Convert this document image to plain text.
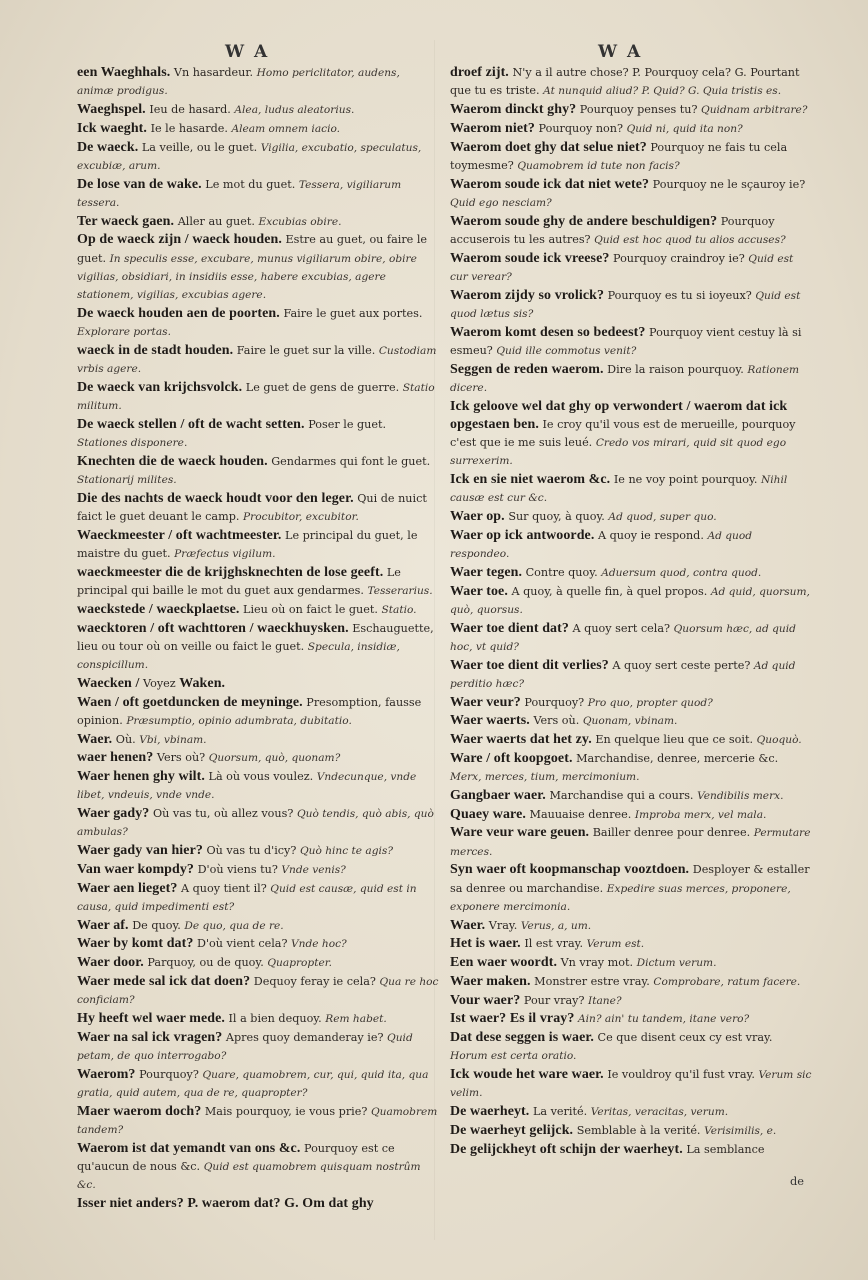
W A	W A

een Waeghhals. Vn hasardeur. Homo periclitator, audens, animæ prodigus.

Waeghspel. Ieu de hasard. Alea, ludus aleatorius.

Ick waeght. Ie le hasarde. Aleam omnem iacio.

De waeck. La veille, ou le guet. Vigilia, excubatio, speculatus, excubiæ, arum.

De lose van de wake. Le mot du guet. Tessera, vigiliarum tessera.

Ter waeck gaen. Aller au guet. Excubias obire.

Op de waeck zijn / waeck houden. Estre au guet, ou faire le guet. In speculis esse, excubare, munus vigiliarum obire, obire vigilias, obsidiari, in insidiis esse, habere excubias, agere stationem, vigilias, excubias agere.

De waeck houden aen de poorten. Faire le guet aux portes. Explorare portas.

waeck in de stadt houden. Faire le guet sur la ville. Custodiam vrbis agere.

De waeck van krijchsvolck. Le guet de gens de guerre. Statio militum.

De waeck stellen / oft de wacht setten. Poser le guet. Stationes disponere.

Knechten die de waeck houden. Gendarmes qui font le guet. Stationarij milites.

Die des nachts de waeck houdt voor den leger. Qui de nuict faict le guet deuant le camp. Procubitor, excubitor.

Waeckmeester / oft wachtmeester. Le principal du guet, le maistre du guet. Præfectus vigilum.

waeckmeester die de krijghsknechten de lose geeft. Le principal qui baille le mot du guet aux gendarmes. Tesserarius.

waeckstede / waeckplaetse. Lieu où on faict le guet. Statio.

waecktoren / oft wachttoren / waeckhuysken. Eschauguette, lieu ou tour où on veille ou faict le guet. Specula, insidiæ, conspicillum.

Waecken / Voyez Waken.

Waen / oft goetduncken de meyninge. Presomption, fausse opinion. Præsumptio, opinio adumbrata, dubitatio.

Waer. Où. Vbi, vbinam.

waer henen? Vers où? Quorsum, quò, quonam?

Waer henen ghy wilt. Là où vous voulez. Vndecunque, vnde libet, vndeuis, vnde vnde.

Waer gady? Où vas tu, où allez vous? Quò tendis, quò abis, quò ambulas?

Waer gady van hier? Où vas tu d'icy? Quò hinc te agis?

Van waer kompdy? D'où viens tu? Vnde venis?

Waer aen lieget? A quoy tient il? Quid est causæ, quid est in causa, quid impedimenti est?

Waer af. De quoy. De quo, qua de re.

Waer by komt dat? D'où vient cela? Vnde hoc?

Waer door. Parquoy, ou de quoy. Quapropter.

Waer mede sal ick dat doen? Dequoy feray ie cela? Qua re hoc conficiam?

Hy heeft wel waer mede. Il a bien dequoy. Rem habet.

Waer na sal ick vragen? Apres quoy demanderay ie? Quid petam, de quo interrogabo?

Waerom? Pourquoy? Quare, quamobrem, cur, qui, quid ita, qua gratia, quid autem, qua de re, quapropter?

Maer waerom doch? Mais pourquoy, ie vous prie? Quamobrem tandem?

Waerom ist dat yemandt van ons &c. Pourquoy est ce qu'aucun de nous &c. Quid est quamobrem quisquam nostrûm &c.

Isser niet anders? P. waerom dat? G. Om dat ghy

droef zijt. N'y a il autre chose? P. Pourquoy cela? G. Pourtant que tu es triste. At nunquid aliud? P. Quid? G. Quia tristis es.

Waerom dinckt ghy? Pourquoy penses tu? Quidnam arbitrare?

Waerom niet? Pourquoy non? Quid ni, quid ita non?

Waerom doet ghy dat selue niet? Pourquoy ne fais tu cela toymesme? Quamobrem id tute non facis?

Waerom soude ick dat niet wete? Pourquoy ne le sçauroy ie? Quid ego nesciam?

Waerom soude ghy de andere beschuldigen? Pourquoy accuserois tu les autres? Quid est hoc quod tu alios accuses?

Waerom soude ick vreese? Pourquoy craindroy ie? Quid est cur verear?

Waerom zijdy so vrolick? Pourquoy es tu si ioyeux? Quid est quod lætus sis?

Waerom komt desen so bedeest? Pourquoy vient cestuy là si esmeu? Quid ille commotus venit?

Seggen de reden waerom. Dire la raison pourquoy. Rationem dicere.

Ick geloove wel dat ghy op verwondert / waerom dat ick opgestaen ben. Ie croy qu'il vous est de merueille, pourquoy c'est que ie me suis leué. Credo vos mirari, quid sit quod ego surrexerim.

Ick en sie niet waerom &c. Ie ne voy point pourquoy. Nihil causæ est cur &c.

Waer op. Sur quoy, à quoy. Ad quod, super quo.

Waer op ick antwoorde. A quoy ie respond. Ad quod respondeo.

Waer tegen. Contre quoy. Aduersum quod, contra quod.

Waer toe. A quoy, à quelle fin, à quel propos. Ad quid, quorsum, quò, quorsus.

Waer toe dient dat? A quoy sert cela? Quorsum hæc, ad quid hoc, vt quid?

Waer toe dient dit verlies? A quoy sert ceste perte? Ad quid perditio hæc?

Waer veur? Pourquoy? Pro quo, propter quod?

Waer waerts. Vers où. Quonam, vbinam.

Waer waerts dat het zy. En quelque lieu que ce soit. Quoquò.

Ware / oft koopgoet. Marchandise, denree, mercerie &c. Merx, merces, tium, mercimonium.

Gangbaer waer. Marchandise qui a cours. Vendibilis merx.

Quaey ware. Mauuaise denree. Improba merx, vel mala.

Ware veur ware geuen. Bailler denree pour denree. Permutare merces.

Syn waer oft koopmanschap vooztdoen. Desployer & estaller sa denree ou marchandise. Expedire suas merces, proponere, exponere mercimonia.

Waer. Vray. Verus, a, um.

Het is waer. Il est vray. Verum est.

Een waer woordt. Vn vray mot. Dictum verum.

Waer maken. Monstrer estre vray. Comprobare, ratum facere.

Vour waer? Pour vray? Itane?

Ist waer? Es il vray? Ain? ain' tu tandem, itane vero?

Dat dese seggen is waer. Ce que disent ceux cy est vray. Horum est certa oratio.

Ick woude het ware waer. Ie vouldroy qu'il fust vray. Verum sic velim.

De waerheyt. La verité. Veritas, veracitas, verum.

De waerheyt gelijck. Semblable à la verité. Verisimilis, e.

De gelijckheyt oft schijn der waerheyt. La semblance

de
